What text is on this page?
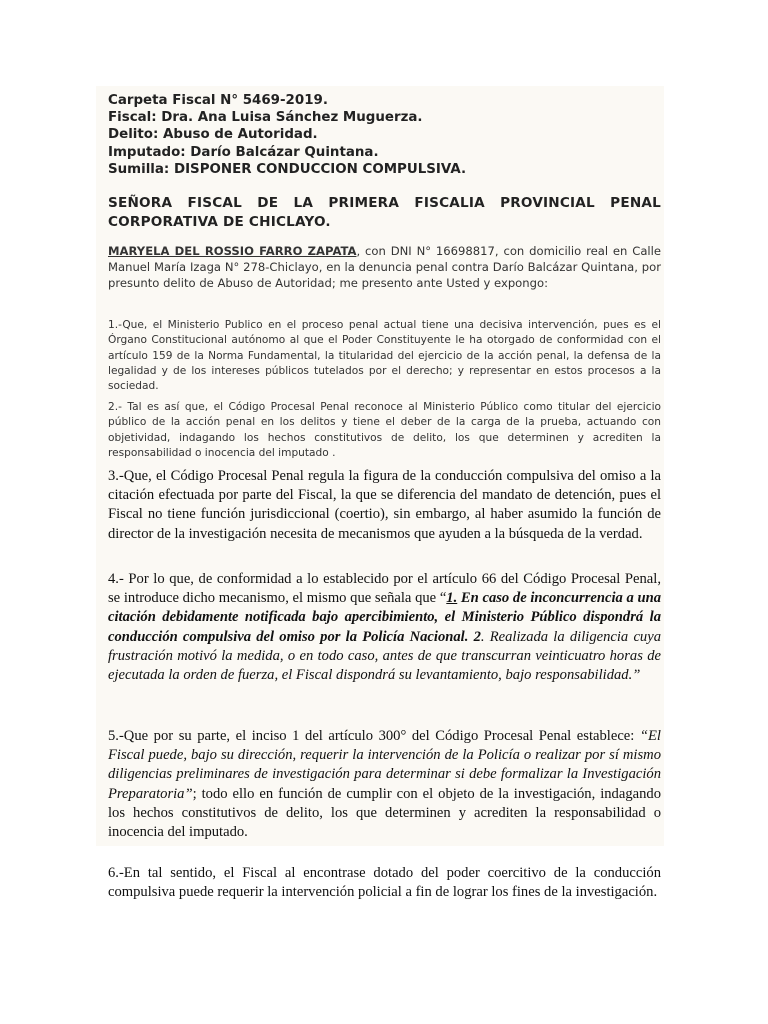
Carpeta Fiscal N° 5469-2019.
Fiscal: Dra. Ana Luisa Sánchez Muguerza.
Delito: Abuso de Autoridad.
Imputado: Darío Balcázar Quintana.
Sumilla: DISPONER CONDUCCION COMPULSIVA.
SEÑORA FISCAL DE LA PRIMERA FISCALIA PROVINCIAL PENAL
CORPORATIVA DE CHICLAYO.
MARYELA DEL ROSSIO FARRO ZAPATA, con DNI N° 16698817, con domicilio real en Calle Manuel María Izaga N° 278-Chiclayo, en la denuncia penal contra Darío Balcázar Quintana, por presunto delito de Abuso de Autoridad; me presento ante Usted y expongo:
1.-Que, el Ministerio Publico en el proceso penal actual tiene una decisiva intervención, pues es el Órgano Constitucional autónomo al que el Poder Constituyente le ha otorgado de conformidad con el artículo 159 de la Norma Fundamental, la titularidad del ejercicio de la acción penal, la defensa de la legalidad y de los intereses públicos tutelados por el derecho; y representar en estos procesos a la sociedad.
2.- Tal es así que, el Código Procesal Penal reconoce al Ministerio Público como titular del ejercicio público de la acción penal en los delitos y tiene el deber de la carga de la prueba, actuando con objetividad, indagando los hechos constitutivos de delito, los que determinen y acrediten la responsabilidad o inocencia del imputado .
3.-Que, el Código Procesal Penal regula la figura de la conducción compulsiva del omiso a la citación efectuada por parte del Fiscal, la que se diferencia del mandato de detención, pues el Fiscal no tiene función jurisdiccional (coertio), sin embargo, al haber asumido la función de director de la investigación necesita de mecanismos que ayuden a la búsqueda de la verdad.
4.- Por lo que, de conformidad a lo establecido por el artículo 66 del Código Procesal Penal, se introduce dicho mecanismo, el mismo que señala que “1. En caso de inconcurrencia a una citación debidamente notificada bajo apercibimiento, el Ministerio Público dispondrá la conducción compulsiva del omiso por la Policía Nacional. 2. Realizada la diligencia cuya frustración motivó la medida, o en todo caso, antes de que transcurran veinticuatro horas de ejecutada la orden de fuerza, el Fiscal dispondrá su levantamiento, bajo responsabilidad.”
5.-Que por su parte, el inciso 1 del artículo 300° del Código Procesal Penal establece: “El Fiscal puede, bajo su dirección, requerir la intervención de la Policía o realizar por sí mismo diligencias preliminares de investigación para determinar si debe formalizar la Investigación Preparatoria”; todo ello en función de cumplir con el objeto de la investigación, indagando los hechos constitutivos de delito, los que determinen y acrediten la responsabilidad o inocencia del imputado.
6.-En tal sentido, el Fiscal al encontrase dotado del poder coercitivo de la conducción compulsiva puede requerir la intervención policial a fin de lograr los fines de la investigación.
